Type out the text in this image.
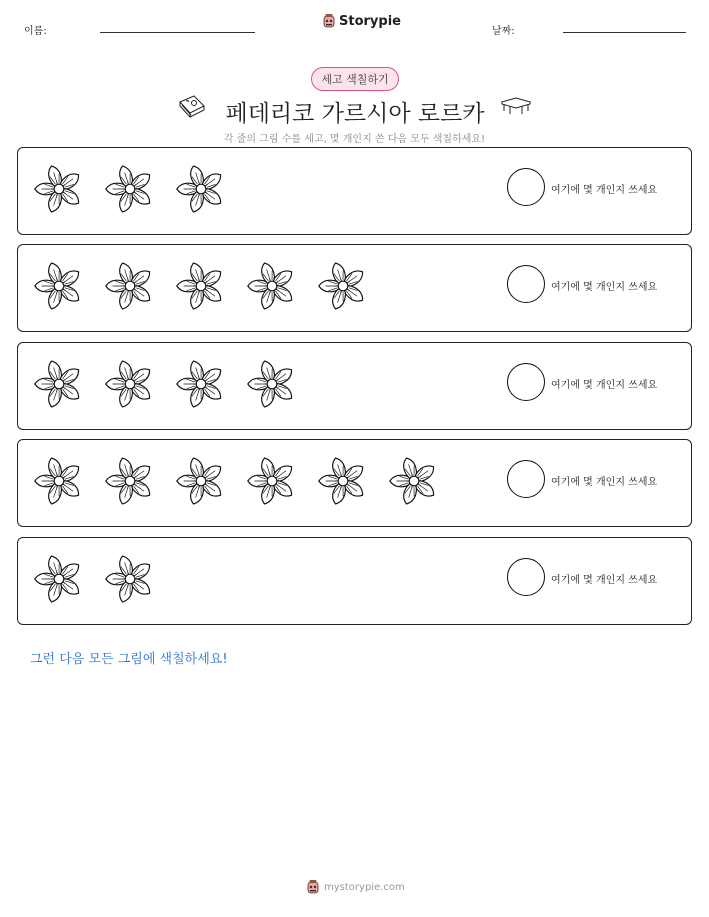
이름:
Storypie
날짜:
세고 색칠하기
페데리코 가르시아 로르카
각 줄의 그림 수를 세고, 몇 개인지 쓴 다음 모두 색칠하세요!
여기에 몇 개인지 쓰세요
여기에 몇 개인지 쓰세요
여기에 몇 개인지 쓰세요
여기에 몇 개인지 쓰세요
여기에 몇 개인지 쓰세요
그런 다음 모든 그림에 색칠하세요!
mystorypie.com
